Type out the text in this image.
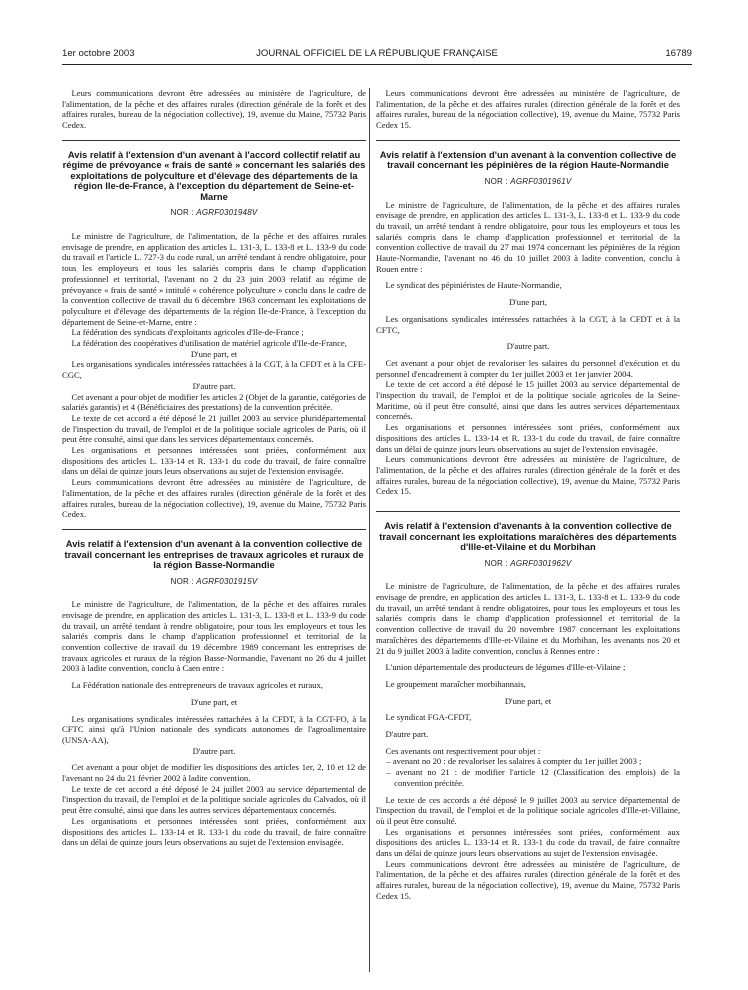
1er octobre 2003	JOURNAL OFFICIEL DE LA RÉPUBLIQUE FRANÇAISE	16789

Leurs communications devront être adressées au ministère de l'agriculture, de l'alimentation, de la pêche et des affaires rurales (direction générale de la forêt et des affaires rurales, bureau de la négociation collective), 19, avenue du Maine, 75732 Paris Cedex.

Avis relatif à l'extension d'un avenant à l'accord collectif relatif au régime de prévoyance « frais de santé » concernant les salariés des exploitations de polyculture et d'élevage des départements de la région Ile-de-France, à l'exception du département de Seine-et-Marne
NOR : AGRF0301948V

Le ministre de l'agriculture, de l'alimentation, de la pêche et des affaires rurales envisage de prendre, en application des articles L. 131-3, L. 133-8 et L. 133-9 du code du travail et l'article L. 727-3 du code rural, un arrêté tendant à rendre obligatoire, pour tous les employeurs et tous les salariés compris dans le champ d'application professionnel et territorial, l'avenant no 2 du 23 juin 2003 relatif au régime de prévoyance « frais de santé » intitulé « cohérence polyculture » conclu dans le cadre de la convention collective de travail du 6 décembre 1963 concernant les exploitations de polyculture et d'élevage des départements de la région Ile-de-France, à l'exception du département de Seine-et-Marne, entre :

La fédération des syndicats d'exploitants agricoles d'Ile-de-France ;

La fédération des coopératives d'utilisation de matériel agricole d'Ile-de-France,

D'une part, et

Les organisations syndicales intéressées rattachées à la CGT, à la CFDT et à la CFE-CGC,

D'autre part.

Cet avenant a pour objet de modifier les articles 2 (Objet de la garantie, catégories de salariés garantis) et 4 (Bénéficiaires des prestations) de la convention précitée.

Le texte de cet accord a été déposé le 21 juillet 2003 au service pluridépartemental de l'inspection du travail, de l'emploi et de la politique sociale agricoles de Paris, où il peut être consulté, ainsi que dans les services départementaux concernés.

Les organisations et personnes intéressées sont priées, conformément aux dispositions des articles L. 133-14 et R. 133-1 du code du travail, de faire connaître dans un délai de quinze jours leurs observations au sujet de l'extension envisagée.

Leurs communications devront être adressées au ministère de l'agriculture, de l'alimentation, de la pêche et des affaires rurales (direction générale de la forêt et des affaires rurales, bureau de la négociation collective), 19, avenue du Maine, 75732 Paris Cedex.

Avis relatif à l'extension d'un avenant à la convention collective de travail concernant les entreprises de travaux agricoles et ruraux de la région Basse-Normandie
NOR : AGRF0301915V

Le ministre de l'agriculture, de l'alimentation, de la pêche et des affaires rurales envisage de prendre, en application des articles L. 131-3, L. 133-8 et L. 133-9 du code du travail, un arrêté tendant à rendre obligatoire, pour tous les employeurs et tous les salariés compris dans le champ d'application professionnel et territorial de la convention collective de travail du 19 décembre 1989 concernant les entreprises de travaux agricoles et ruraux de la région Basse-Normandie, l'avenant no 26 du 4 juillet 2003 à ladite convention, conclu à Caen entre :

La Fédération nationale des entrepreneurs de travaux agricoles et ruraux,

D'une part, et

Les organisations syndicales intéressées rattachées à la CFDT, à la CGT-FO, à la CFTC ainsi qu'à l'Union nationale des syndicats autonomes de l'agroalimentaire (UNSA-AA),

D'autre part.

Cet avenant a pour objet de modifier les dispositions des articles 1er, 2, 10 et 12 de l'avenant no 24 du 21 février 2002 à ladite convention.

Le texte de cet accord a été déposé le 24 juillet 2003 au service départemental de l'inspection du travail, de l'emploi et de la politique sociale agricoles du Calvados, où il peut être consulté, ainsi que dans les autres services départementaux concernés.

Les organisations et personnes intéressées sont priées, conformément aux dispositions des articles L. 133-14 et R. 133-1 du code du travail, de faire connaître dans un délai de quinze jours leurs observations au sujet de l'extension envisagée.

Leurs communications devront être adressées au ministère de l'agriculture, de l'alimentation, de la pêche et des affaires rurales (direction générale de la forêt et des affaires rurales, bureau de la négociation collective), 19, avenue du Maine, 75732 Paris Cedex 15.

Avis relatif à l'extension d'un avenant à la convention collective de travail concernant les pépinières de la région Haute-Normandie
NOR : AGRF0301961V

Le ministre de l'agriculture, de l'alimentation, de la pêche et des affaires rurales envisage de prendre, en application des articles L. 131-3, L. 133-8 et L. 133-9 du code du travail, un arrêté tendant à rendre obligatoire, pour tous les employeurs et tous les salariés compris dans le champ d'application professionnel et territorial de la convention collective de travail du 27 mai 1974 concernant les pépinières de la région Haute-Normandie, l'avenant no 46 du 10 juillet 2003 à ladite convention, conclu à Rouen entre :

Le syndicat des pépiniéristes de Haute-Normandie,

D'une part,

Les organisations syndicales intéressées rattachées à la CGT, à la CFDT et à la CFTC,

D'autre part.

Cet avenant a pour objet de revaloriser les salaires du personnel d'exécution et du personnel d'encadrement à compter du 1er juillet 2003 et 1er janvier 2004.

Le texte de cet accord a été déposé le 15 juillet 2003 au service départemental de l'inspection du travail, de l'emploi et de la politique sociale agricoles de la Seine-Maritime, où il peut être consulté, ainsi que dans les autres services départementaux concernés.

Les organisations et personnes intéressées sont priées, conformément aux dispositions des articles L. 133-14 et R. 133-1 du code du travail, de faire connaître dans un délai de quinze jours leurs observations au sujet de l'extension envisagée.

Leurs communications devront être adressées au ministère de l'agriculture, de l'alimentation, de la pêche et des affaires rurales (direction générale de la forêt et des affaires rurales, bureau de la négociation collective), 19, avenue du Maine, 75732 Paris Cedex 15.

Avis relatif à l'extension d'avenants à la convention collective de travail concernant les exploitations maraîchères des départements d'Ille-et-Vilaine et du Morbihan
NOR : AGRF0301962V

Le ministre de l'agriculture, de l'alimentation, de la pêche et des affaires rurales envisage de prendre, en application des articles L. 131-3, L. 133-8 et L. 133-9 du code du travail, un arrêté tendant à rendre obligatoires, pour tous les employeurs et tous les salariés compris dans le champ d'application professionnel et territorial de la convention collective de travail du 20 novembre 1987 concernant les exploitations maraîchères des départements d'Ille-et-Vilaine et du Morbihan, les avenants nos 20 et 21 du 9 juillet 2003 à ladite convention, conclus à Rennes entre :

L'union départementale des producteurs de légumes d'Ille-et-Vilaine ;

Le groupement maraîcher morbihannais,

D'une part, et

Le syndicat FGA-CFDT,

D'autre part.

Ces avenants ont respectivement pour objet :

– avenant no 20 : de revaloriser les salaires à compter du 1er juillet 2003 ;

– avenant no 21 : de modifier l'article 12 (Classification des emplois) de la convention précitée.

Le texte de ces accords a été déposé le 9 juillet 2003 au service départemental de l'inspection du travail, de l'emploi et de la politique sociale agricoles d'Ille-et-Villaine, où il peut être consulté.

Les organisations et personnes intéressées sont priées, conformément aux dispositions des articles L. 133-14 et R. 133-1 du code du travail, de faire connaître dans un délai de quinze jours leurs observations au sujet de l'extension envisagée.

Leurs communications devront être adressées au ministère de l'agriculture, de l'alimentation, de la pêche et des affaires rurales (direction générale de la forêt et des affaires rurales, bureau de la négociation collective), 19, avenue du Maine, 75732 Paris Cedex 15.
